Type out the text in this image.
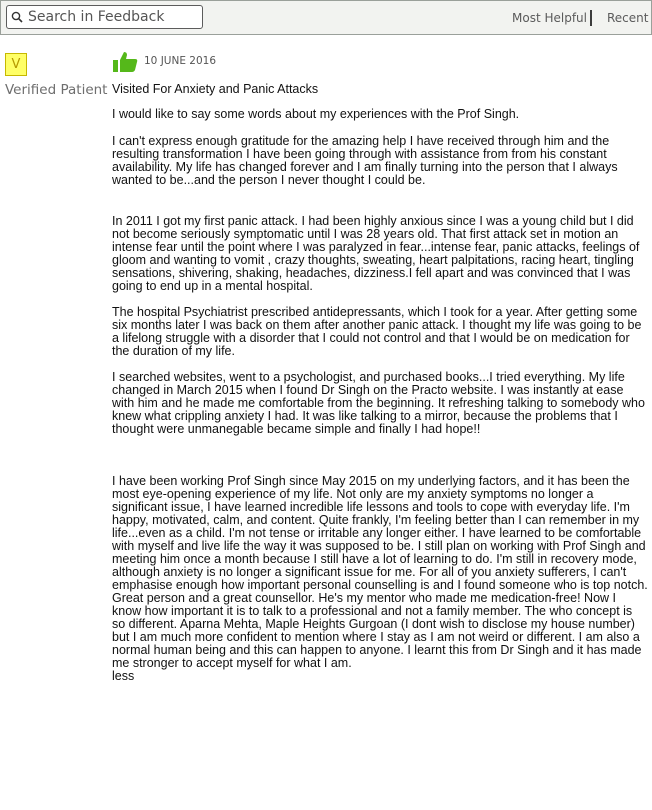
Search in Feedback
Most Helpful Recent
V
Verified Patient
10 JUNE 2016
Visited For Anxiety and Panic Attacks

I would like to say some words about my experiences with the Prof Singh.

I can't express enough gratitude for the amazing help I have received through him and the resulting transformation I have been going through with assistance from from his constant availability. My life has changed forever and I am finally turning into the person that I always wanted to be...and the person I never thought I could be.

In 2011 I got my first panic attack. I had been highly anxious since I was a young child but I did not become seriously symptomatic until I was 28 years old. That first attack set in motion an intense fear until the point where I was paralyzed in fear...intense fear, panic attacks, feelings of gloom and wanting to vomit , crazy thoughts, sweating, heart palpitations, racing heart, tingling sensations, shivering, shaking, headaches, dizziness.I fell apart and was convinced that I was going to end up in a mental hospital.

The hospital Psychiatrist prescribed antidepressants, which I took for a year. After getting some six months later I was back on them after another panic attack. I thought my life was going to be a lifelong struggle with a disorder that I could not control and that I would be on medication for the duration of my life.

I searched websites, went to a psychologist, and purchased books...I tried everything. My life changed in March 2015 when I found Dr Singh on the Practo website. I was instantly at ease with him and he made me comfortable from the beginning. It refreshing talking to somebody who knew what crippling anxiety I had. It was like talking to a mirror, because the problems that I thought were unmanegable became simple and finally I had hope!!

I have been working Prof Singh since May 2015 on my underlying factors, and it has been the most eye-opening experience of my life. Not only are my anxiety symptoms no longer a significant issue, I have learned incredible life lessons and tools to cope with everyday life. I'm happy, motivated, calm, and content. Quite frankly, I'm feeling better than I can remember in my life...even as a child. I'm not tense or irritable any longer either. I have learned to be comfortable with myself and live life the way it was supposed to be. I still plan on working with Prof Singh and meeting him once a month because I still have a lot of learning to do. I'm still in recovery mode, although anxiety is no longer a significant issue for me. For all of you anxiety sufferers, I can't emphasise enough how important personal counselling is and I found someone who is top notch. Great person and a great counsellor. He's my mentor who made me medication-free! Now I know how important it is to talk to a professional and not a family member. The who concept is so different. Aparna Mehta, Maple Heights Gurgoan (I dont wish to disclose my house number) but I am much more confident to mention where I stay as I am not weird or different. I am also a normal human being and this can happen to anyone. I learnt this from Dr Singh and it has made me stronger to accept myself for what I am.

less
